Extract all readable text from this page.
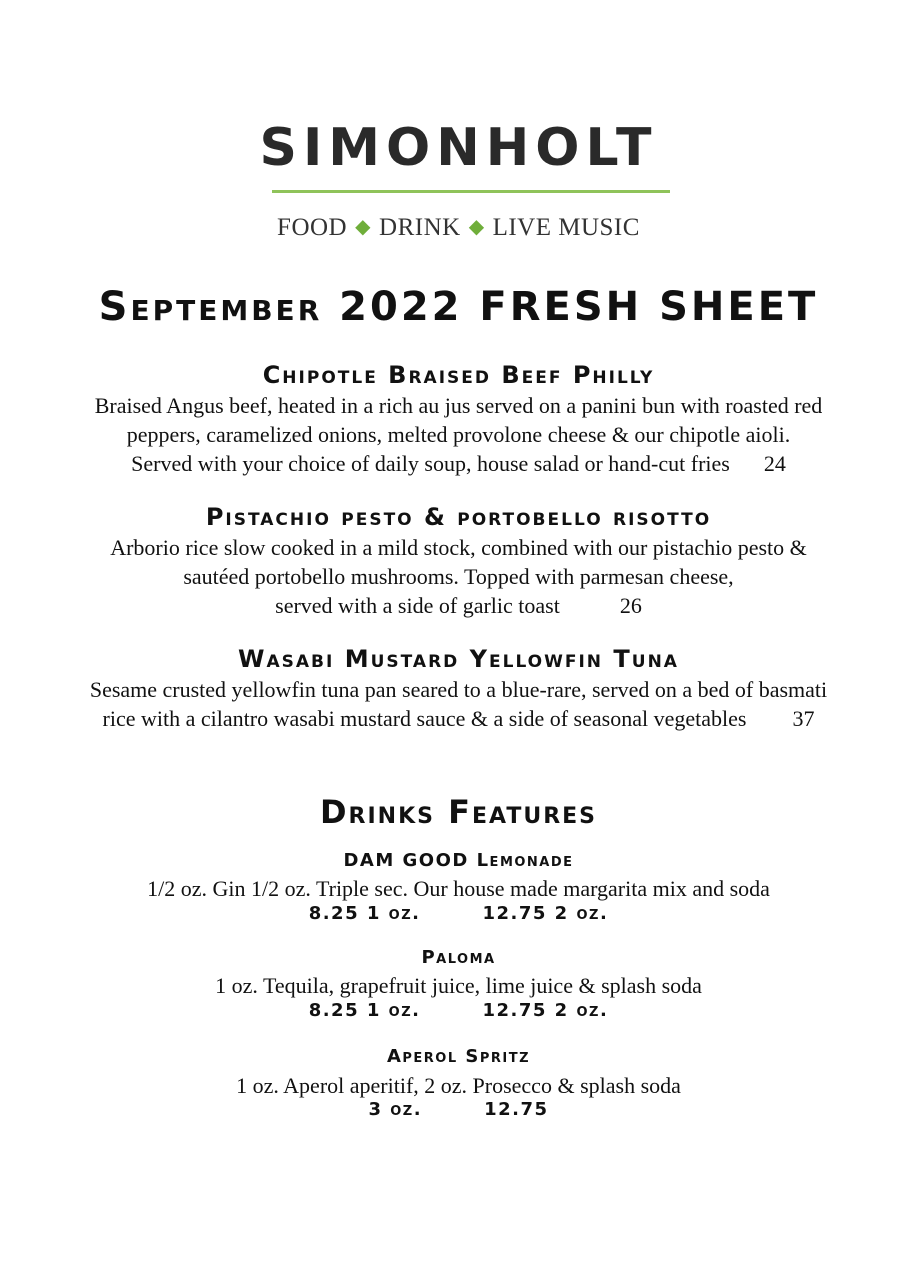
SIMONHOLT
FOOD ◆ DRINK ◆ LIVE MUSIC
September 2022 FRESH SHEET
Chipotle Braised Beef Philly
Braised Angus beef, heated in a rich au jus served on a panini bun with roasted red
peppers, caramelized onions, melted provolone cheese & our chipotle aioli.
Served with your choice of daily soup, house salad or hand-cut fries 24
Pistachio pesto & portobello risotto
Arborio rice slow cooked in a mild stock, combined with our pistachio pesto &
sautéed portobello mushrooms. Topped with parmesan cheese,
served with a side of garlic toast	26
Wasabi Mustard Yellowfin Tuna
Sesame crusted yellowfin tuna pan seared to a blue-rare, served on a bed of basmati
rice with a cilantro wasabi mustard sauce & a side of seasonal vegetables 37
Drinks Features
DAM GOOD Lemonade
1/2 oz. Gin 1/2 oz. Triple sec. Our house made margarita mix and soda
8.25 1 oz.	12.75 2 oz.
Paloma
1 oz. Tequila, grapefruit juice, lime juice & splash soda
8.25 1 oz.	12.75 2 oz.
Aperol Spritz
1 oz. Aperol aperitif, 2 oz. Prosecco & splash soda
3 oz.	12.75
